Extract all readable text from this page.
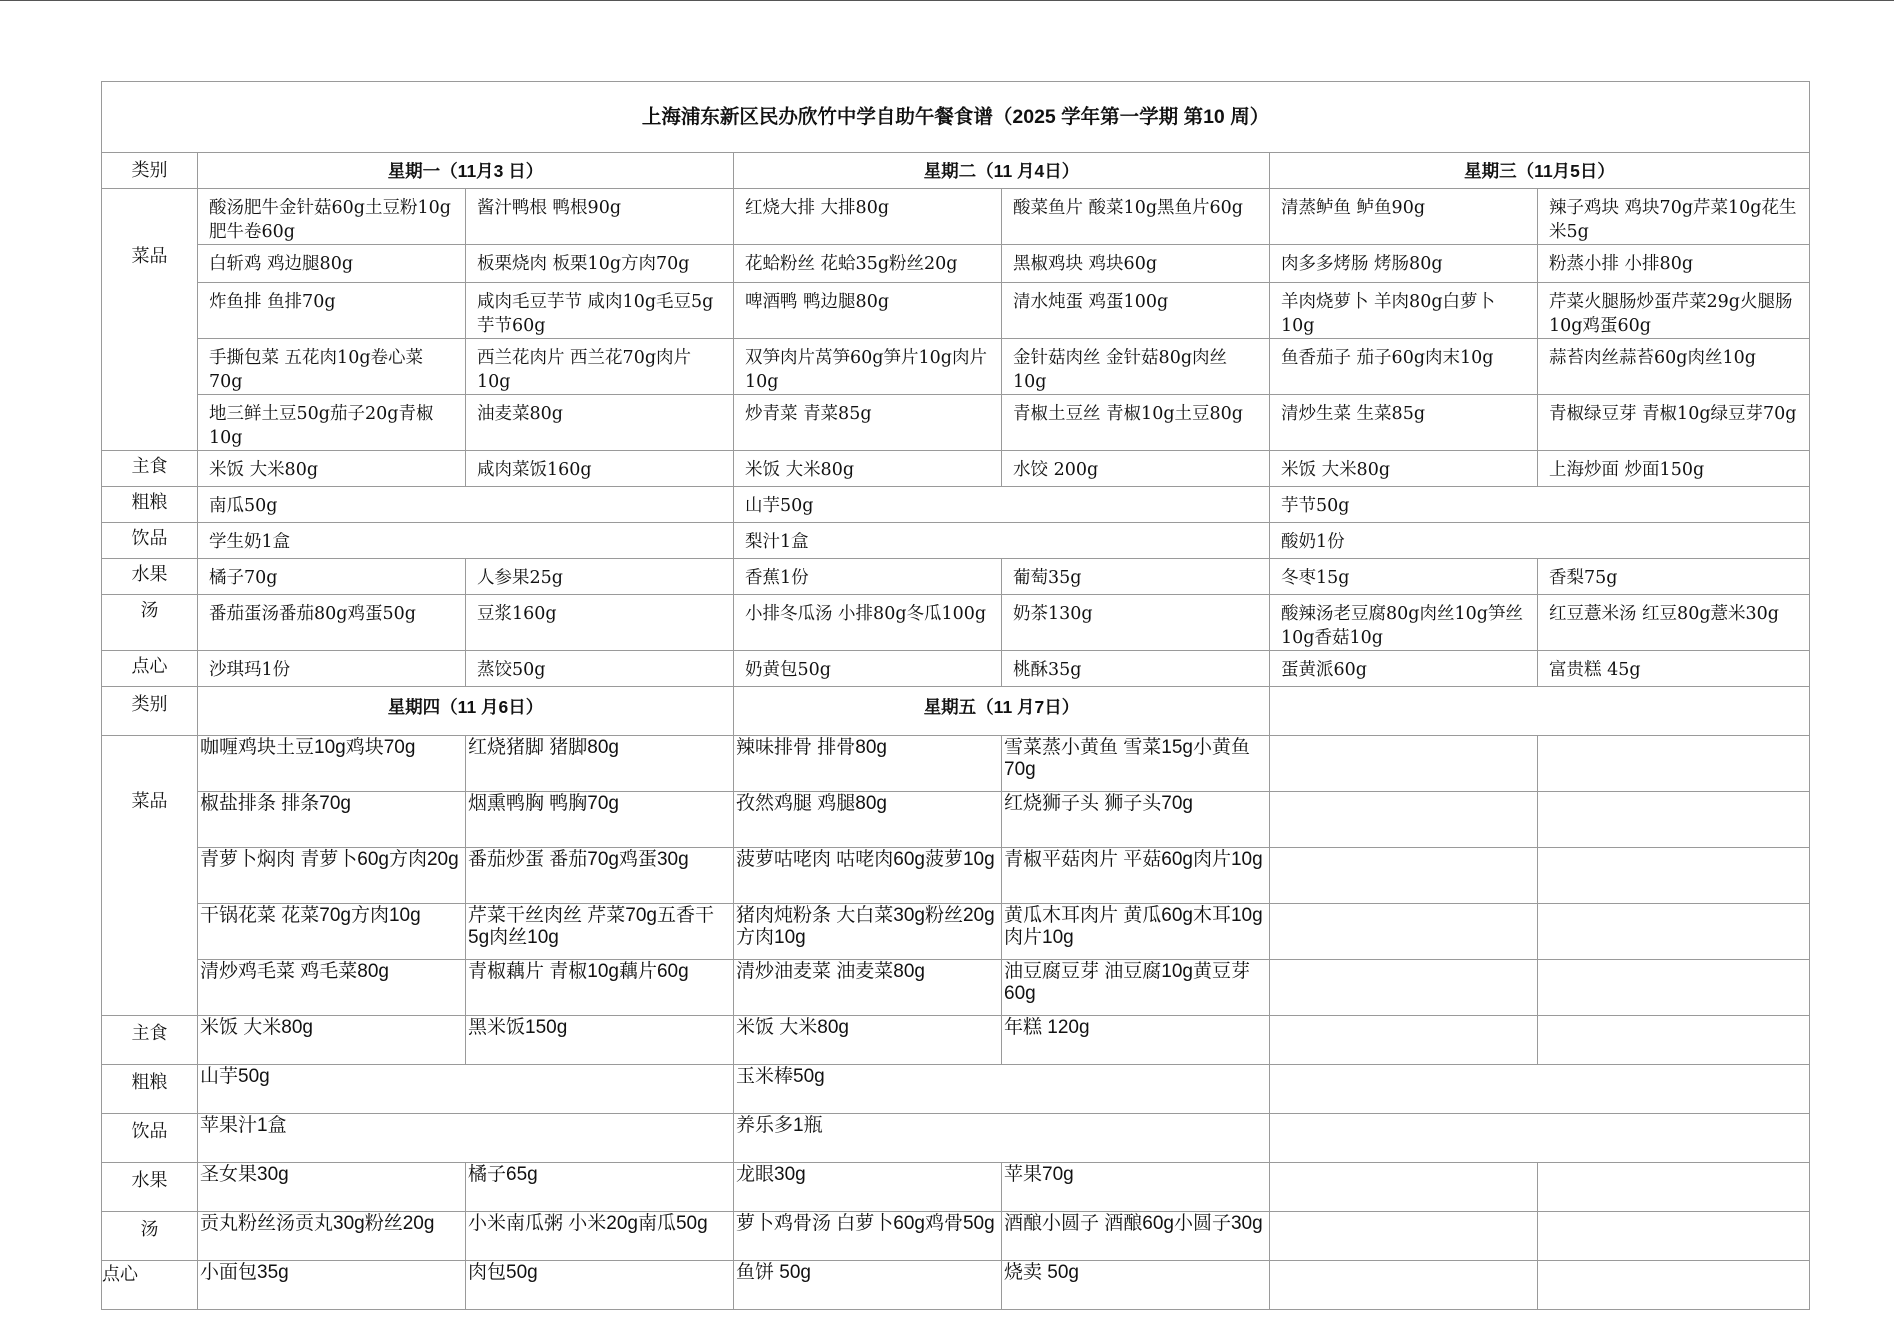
上海浦东新区民办欣竹中学自助午餐食谱（2025 学年第一学期 第10 周）						
类别	星期一（11月3 日）		星期二（11 月4日）		星期三（11月5日）	
菜品	酸汤肥牛金针菇60g土豆粉10g肥牛卷60g	酱汁鸭根 鸭根90g	红烧大排 大排80g	酸菜鱼片 酸菜10g黑鱼片60g	清蒸鲈鱼 鲈鱼90g	辣子鸡块 鸡块70g芹菜10g花生米5g
	白斩鸡 鸡边腿80g	板栗烧肉 板栗10g方肉70g	花蛤粉丝 花蛤35g粉丝20g	黑椒鸡块 鸡块60g	肉多多烤肠 烤肠80g	粉蒸小排 小排80g
	炸鱼排 鱼排70g	咸肉毛豆芋节 咸肉10g毛豆5g芋节60g	啤酒鸭 鸭边腿80g	清水炖蛋 鸡蛋100g	羊肉烧萝卜 羊肉80g白萝卜10g	芹菜火腿肠炒蛋芹菜29g火腿肠10g鸡蛋60g
	手撕包菜 五花肉10g卷心菜70g	西兰花肉片 西兰花70g肉片10g	双笋肉片莴笋60g笋片10g肉片10g	金针菇肉丝 金针菇80g肉丝10g	鱼香茄子 茄子60g肉末10g	蒜苔肉丝蒜苔60g肉丝10g
	地三鲜土豆50g茄子20g青椒10g	油麦菜80g	炒青菜 青菜85g	青椒土豆丝 青椒10g土豆80g	清炒生菜 生菜85g	青椒绿豆芽 青椒10g绿豆芽70g
主食	米饭 大米80g	咸肉菜饭160g	米饭 大米80g	水饺 200g	米饭 大米80g	上海炒面 炒面150g
粗粮	南瓜50g		山芋50g		芋节50g	
饮品	学生奶1盒		梨汁1盒		酸奶1份	
水果	橘子70g	人参果25g	香蕉1份	葡萄35g	冬枣15g	香梨75g
汤	番茄蛋汤番茄80g鸡蛋50g	豆浆160g	小排冬瓜汤 小排80g冬瓜100g	奶茶130g	酸辣汤老豆腐80g肉丝10g笋丝10g香菇10g	红豆薏米汤 红豆80g薏米30g
点心	沙琪玛1份	蒸饺50g	奶黄包50g	桃酥35g	蛋黄派60g	富贵糕 45g
类别	星期四（11 月6日）		星期五（11 月7日）			
菜品	咖喱鸡块土豆10g鸡块70g	红烧猪脚 猪脚80g	辣味排骨 排骨80g	雪菜蒸小黄鱼 雪菜15g小黄鱼70g		
	椒盐排条 排条70g	烟熏鸭胸 鸭胸70g	孜然鸡腿 鸡腿80g	红烧狮子头 狮子头70g		
	青萝卜焖肉 青萝卜60g方肉20g	番茄炒蛋 番茄70g鸡蛋30g	菠萝咕咾肉 咕咾肉60g菠萝10g	青椒平菇肉片 平菇60g肉片10g		
	干锅花菜 花菜70g方肉10g	芹菜干丝肉丝 芹菜70g五香干5g肉丝10g	猪肉炖粉条 大白菜30g粉丝20g方肉10g	黄瓜木耳肉片 黄瓜60g木耳10g肉片10g		
	清炒鸡毛菜 鸡毛菜80g	青椒藕片 青椒10g藕片60g	清炒油麦菜 油麦菜80g	油豆腐豆芽 油豆腐10g黄豆芽60g		
主食	米饭 大米80g	黑米饭150g	米饭 大米80g	年糕 120g		
粗粮	山芋50g		玉米棒50g			
饮品	苹果汁1盒		养乐多1瓶			
水果	圣女果30g	橘子65g	龙眼30g	苹果70g		
汤	贡丸粉丝汤贡丸30g粉丝20g	小米南瓜粥 小米20g南瓜50g	萝卜鸡骨汤 白萝卜60g鸡骨50g	酒酿小圆子 酒酿60g小圆子30g		
点心	小面包35g	肉包50g	鱼饼 50g	烧卖 50g		
